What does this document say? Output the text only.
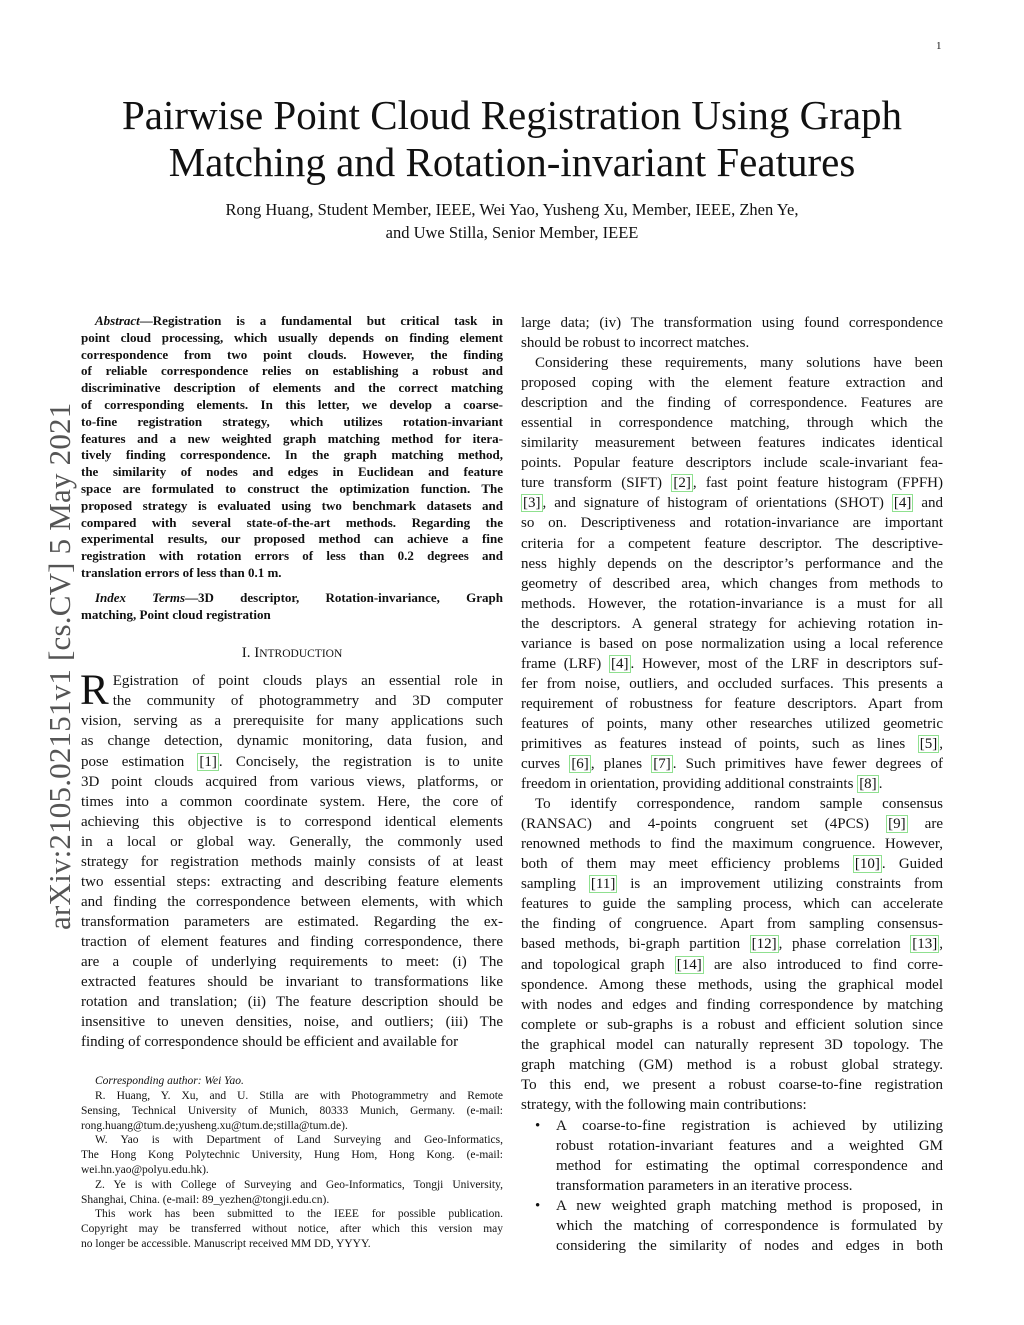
1
arXiv:2105.02151v1 [cs.CV] 5 May 2021
Pairwise Point Cloud Registration Using Graph
Matching and Rotation-invariant Features
Rong Huang, Student Member, IEEE, Wei Yao, Yusheng Xu, Member, IEEE, Zhen Ye,
and Uwe Stilla, Senior Member, IEEE

Abstract—Registration is a fundamental but critical task in

point cloud processing, which usually depends on finding element

correspondence from two point clouds. However, the finding

of reliable correspondence relies on establishing a robust and

discriminative description of elements and the correct matching

of corresponding elements. In this letter, we develop a coarse-

to-fine registration strategy, which utilizes rotation-invariant

features and a new weighted graph matching method for itera-

tively finding correspondence. In the graph matching method,

the similarity of nodes and edges in Euclidean and feature

space are formulated to construct the optimization function. The

proposed strategy is evaluated using two benchmark datasets and

compared with several state-of-the-art methods. Regarding the

experimental results, our proposed method can achieve a fine

registration with rotation errors of less than 0.2 degrees and

translation errors of less than 0.1 m.

Index Terms—3D descriptor, Rotation-invariance, Graph

matching, Point cloud registration

I. INTRODUCTION

R Egistration of point clouds plays an essential role in

the community of photogrammetry and 3D computer

vision, serving as a prerequisite for many applications such

as change detection, dynamic monitoring, data fusion, and

pose estimation [1] . Concisely, the registration is to unite

3D point clouds acquired from various views, platforms, or

times into a common coordinate system. Here, the core of

achieving this objective is to correspond identical elements

in a local or global way. Generally, the commonly used

strategy for registration methods mainly consists of at least

two essential steps: extracting and describing feature elements

and finding the correspondence between elements, with which

transformation parameters are estimated. Regarding the ex-

traction of element features and finding correspondence, there

are a couple of underlying requirements to meet: (i) The

extracted features should be invariant to transformations like

rotation and translation; (ii) The feature description should be

insensitive to uneven densities, noise, and outliers; (iii) The

finding of correspondence should be efficient and available for

Corresponding author: Wei Yao.

R. Huang, Y. Xu, and U. Stilla are with Photogrammetry and Remote

Sensing, Technical University of Munich, 80333 Munich, Germany. (e-mail:

rong.huang@tum.de;yusheng.xu@tum.de;stilla@tum.de).

W. Yao is with Department of Land Surveying and Geo-Informatics,

The Hong Kong Polytechnic University, Hung Hom, Hong Kong. (e-mail:

wei.hn.yao@polyu.edu.hk).

Z. Ye is with College of Surveying and Geo-Informatics, Tongji University,

Shanghai, China. (e-mail: 89_yezhen@tongji.edu.cn).

This work has been submitted to the IEEE for possible publication.

Copyright may be transferred without notice, after which this version may

no longer be accessible. Manuscript received MM DD, YYYY.

large data; (iv) The transformation using found correspondence

should be robust to incorrect matches.

Considering these requirements, many solutions have been

proposed coping with the element feature extraction and

description and the finding of correspondence. Features are

essential in correspondence matching, through which the

similarity measurement between features indicates identical

points. Popular feature descriptors include scale-invariant fea-

ture transform (SIFT) [2] , fast point feature histogram (FPFH)

[3] , and signature of histogram of orientations (SHOT) [4] and

so on. Descriptiveness and rotation-invariance are important

criteria for a competent feature descriptor. The descriptive-

ness highly depends on the descriptor’s performance and the

geometry of described area, which changes from methods to

methods. However, the rotation-invariance is a must for all

the descriptors. A general strategy for achieving rotation in-

variance is based on pose normalization using a local reference

frame (LRF) [4] . However, most of the LRF in descriptors suf-

fer from noise, outliers, and occluded surfaces. This presents a

requirement of robustness for feature descriptors. Apart from

features of points, many other researches utilized geometric

primitives as features instead of points, such as lines [5] ,

curves [6] , planes [7] . Such primitives have fewer degrees of

freedom in orientation, providing additional constraints [8] .

To identify correspondence, random sample consensus

(RANSAC) and 4-points congruent set (4PCS) [9] are

renowned methods to find the maximum congruence. However,

both of them may meet efficiency problems [10] . Guided

sampling [11] is an improvement utilizing constraints from

features to guide the sampling process, which can accelerate

the finding of congruence. Apart from sampling consensus-

based methods, bi-graph partition [12] , phase correlation [13] ,

and topological graph [14] are also introduced to find corre-

spondence. Among these methods, using the graphical model

with nodes and edges and finding correspondence by matching

complete or sub-graphs is a robust and efficient solution since

the graphical model can naturally represent 3D topology. The

graph matching (GM) method is a robust global strategy.

To this end, we present a robust coarse-to-fine registration

strategy, with the following main contributions:

• A coarse-to-fine registration is achieved by utilizing

robust rotation-invariant features and a weighted GM

method for estimating the optimal correspondence and

transformation parameters in an iterative process.

• A new weighted graph matching method is proposed, in

which the matching of correspondence is formulated by

considering the similarity of nodes and edges in both
